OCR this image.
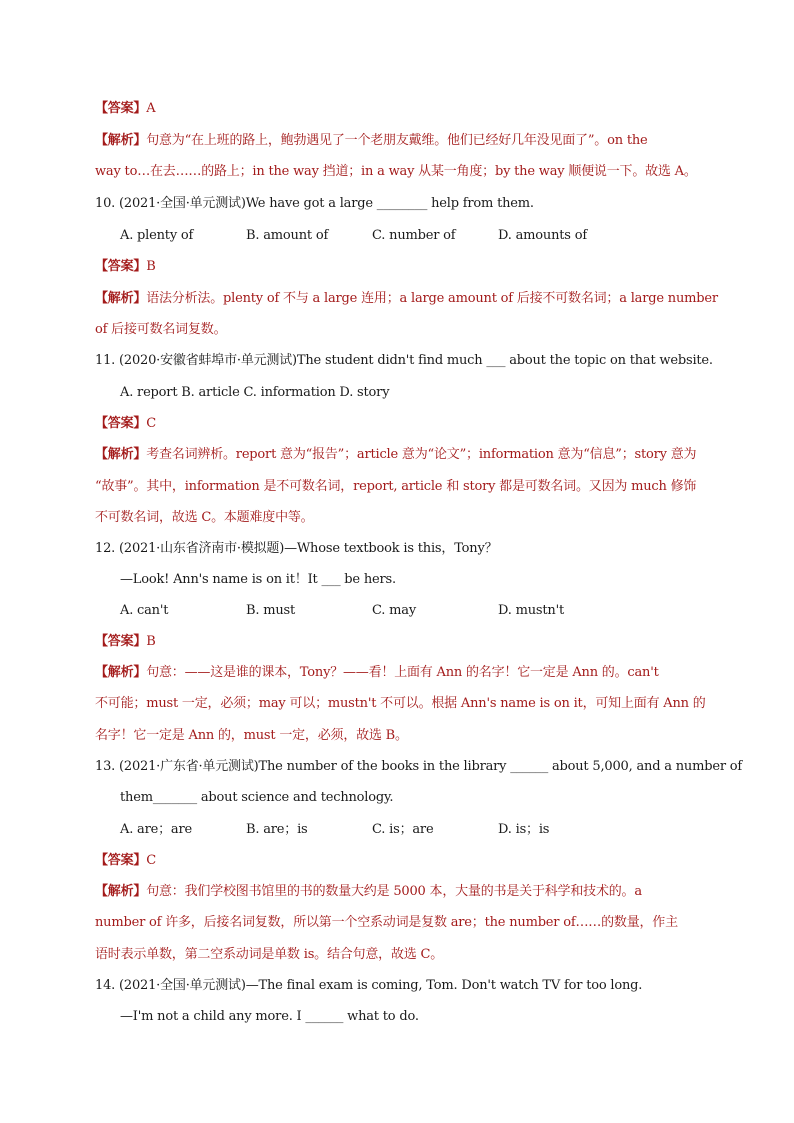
【答案】A
【解析】句意为“在上班的路上，鲍勃遇见了一个老朋友戴维。他们已经好几年没见面了”。on the
way to…在去……的路上；in the way 挡道；in a way 从某一角度；by the way 顺便说一下。故选 A。
10. (2021·全国·单元测试)We have got a large ________ help from them.
A. plenty of	B. amount of	C. number of	D. amounts of
【答案】B
【解析】语法分析法。plenty of 不与 a large 连用；a large amount of 后接不可数名词；a large number
of 后接可数名词复数。
11. (2020·安徽省蚌埠市·单元测试)The student didn't find much ___ about the topic on that website.
A. report B. article C. information D. story
【答案】C
【解析】考查名词辨析。report 意为“报告”；article 意为“论文”；information 意为“信息”；story 意为
“故事”。其中，information 是不可数名词，report, article 和 story 都是可数名词。又因为 much 修饰
不可数名词，故选 C。本题难度中等。
12. (2021·山东省济南市·模拟题)—Whose textbook is this，Tony？
—Look! Ann's name is on it！It ___ be hers.
A. can't	B. must	C. may	D. mustn't
【答案】B
【解析】句意：——这是谁的课本，Tony？——看！上面有 Ann 的名字！它一定是 Ann 的。can't
不可能；must 一定，必须；may 可以；mustn't 不可以。根据 Ann's name is on it，可知上面有 Ann 的
名字！它一定是 Ann 的，must 一定，必须，故选 B。
13. (2021·广东省·单元测试)The number of the books in the library ______ about 5,000, and a number of
them_______ about science and technology.
A. are；are	B. are；is	C. is；are	D. is；is
【答案】C
【解析】句意：我们学校图书馆里的书的数量大约是 5000 本，大量的书是关于科学和技术的。a
number of 许多，后接名词复数，所以第一个空系动词是复数 are；the number of……的数量，作主
语时表示单数，第二空系动词是单数 is。结合句意，故选 C。
14. (2021·全国·单元测试)—The final exam is coming, Tom. Don't watch TV for too long.
—I'm not a child any more. I ______ what to do.
